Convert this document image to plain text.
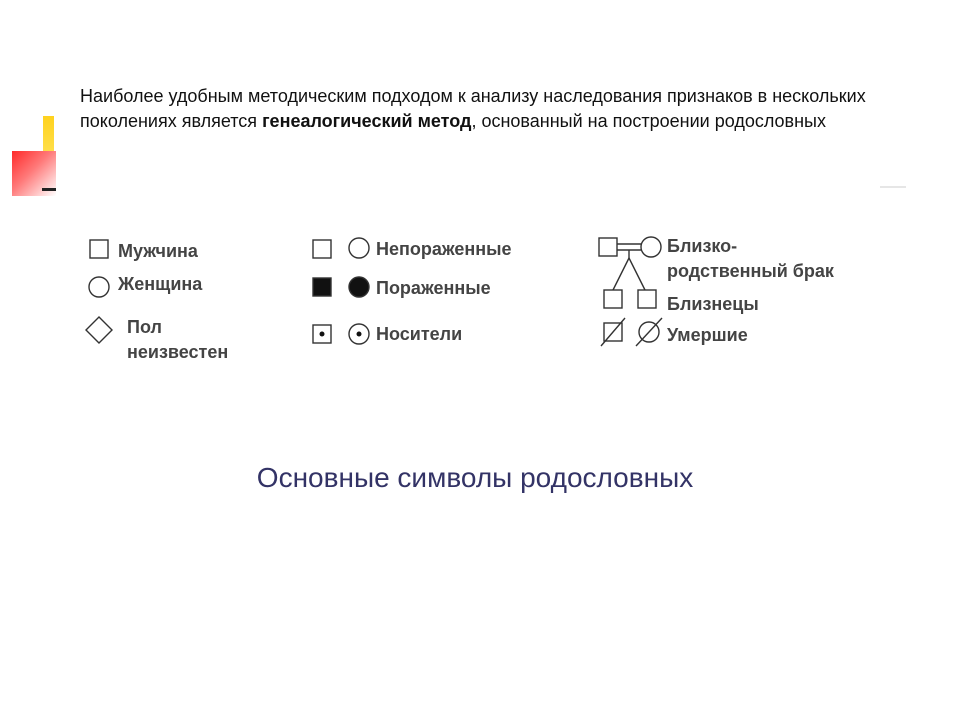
Наиболее удобным методическим подходом к анализу наследования признаков в нескольких поколениях является генеалогический метод, основанный на построении родословных
Мужчина
Женщина
Пол
неизвестен
Непораженные
Пораженные
Носители
Близко-
родственный брак
Близнецы
Умершие
Основные символы родословных
